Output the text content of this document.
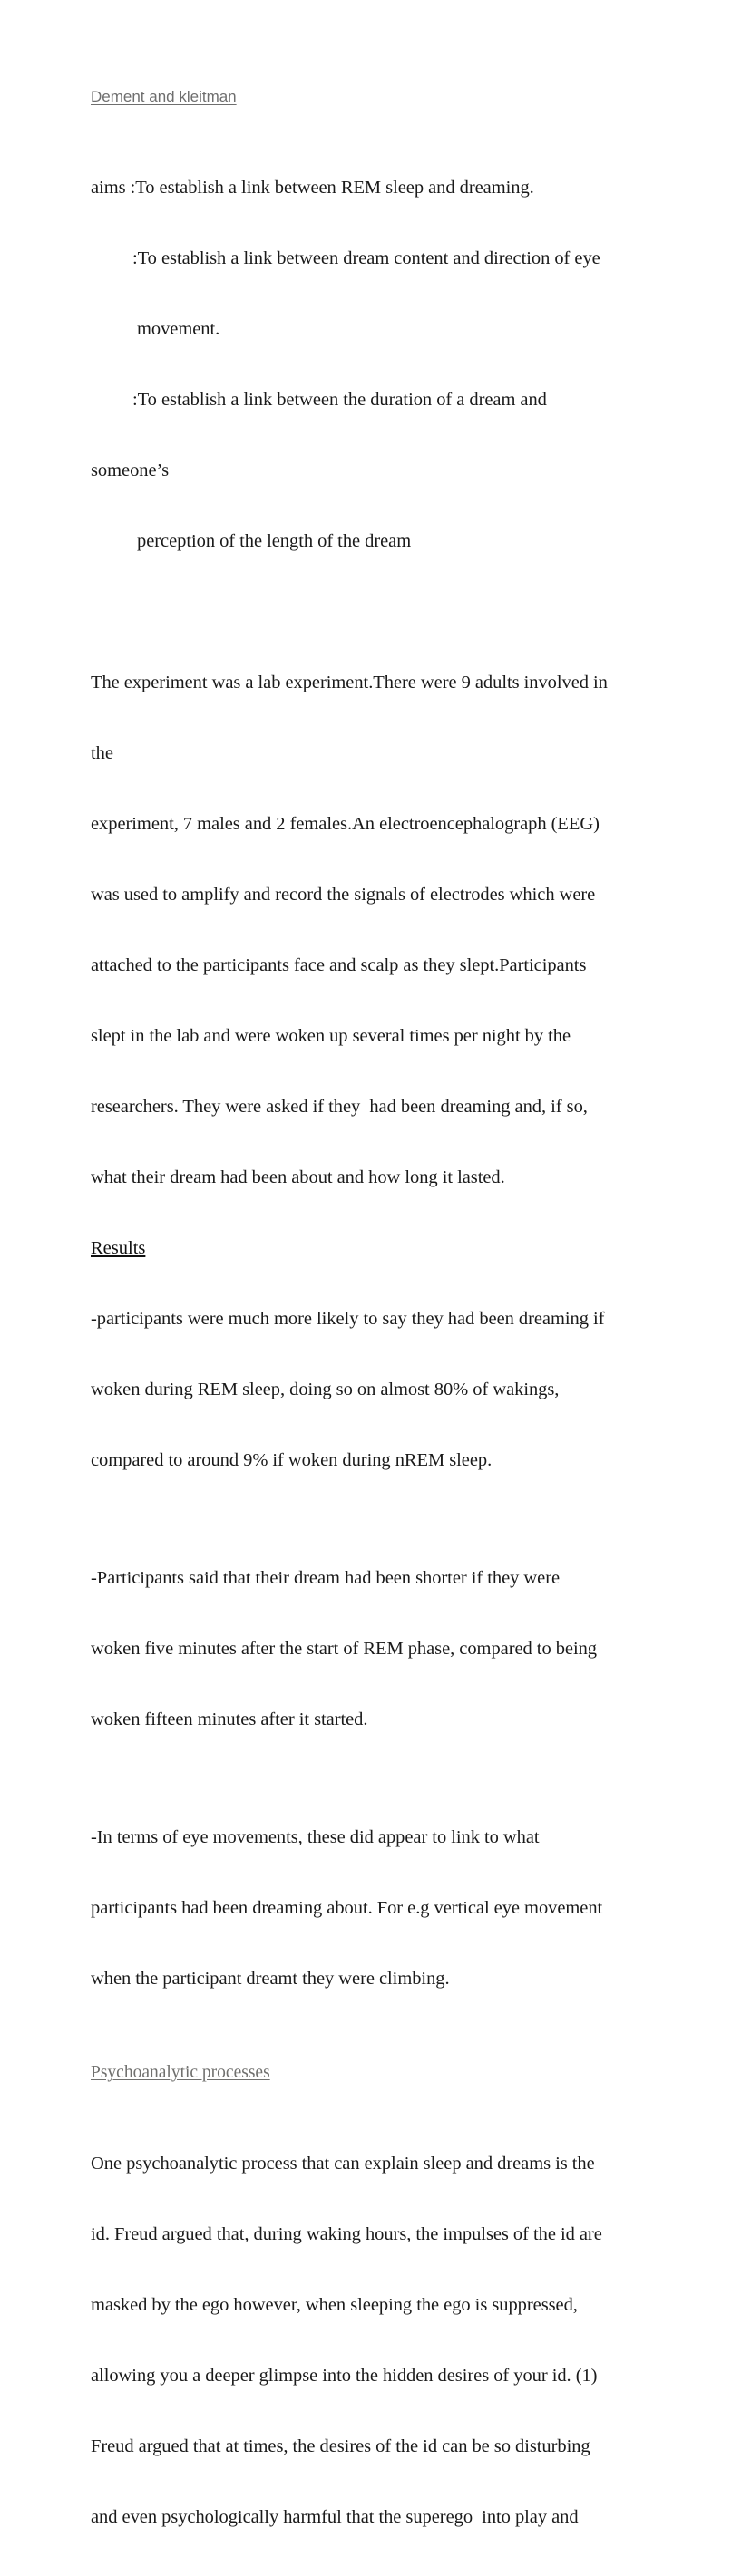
Dement and kleitman

aims :To establish a link between REM sleep and dreaming.

:To establish a link between dream content and direction of eye

movement.

:To establish a link between the duration of a dream and

someone’s

perception of the length of the dream

The experiment was a lab experiment.There were 9 adults involved in

the

experiment, 7 males and 2 females.An electroencephalograph (EEG)

was used to amplify and record the signals of electrodes which were

attached to the participants face and scalp as they slept.Participants

slept in the lab and were woken up several times per night by the

researchers. They were asked if they  had been dreaming and, if so,

what their dream had been about and how long it lasted.

Results

-participants were much more likely to say they had been dreaming if

woken during REM sleep, doing so on almost 80% of wakings,

compared to around 9% if woken during nREM sleep.

-Participants said that their dream had been shorter if they were

woken five minutes after the start of REM phase, compared to being

woken fifteen minutes after it started.

-In terms of eye movements, these did appear to link to what

participants had been dreaming about. For e.g vertical eye movement

when the participant dreamt they were climbing.

Psychoanalytic processes

One psychoanalytic process that can explain sleep and dreams is the

id. Freud argued that, during waking hours, the impulses of the id are

masked by the ego however, when sleeping the ego is suppressed,

allowing you a deeper glimpse into the hidden desires of your id. (1)

Freud argued that at times, the desires of the id can be so disturbing

and even psychologically harmful that the superego  into play and
